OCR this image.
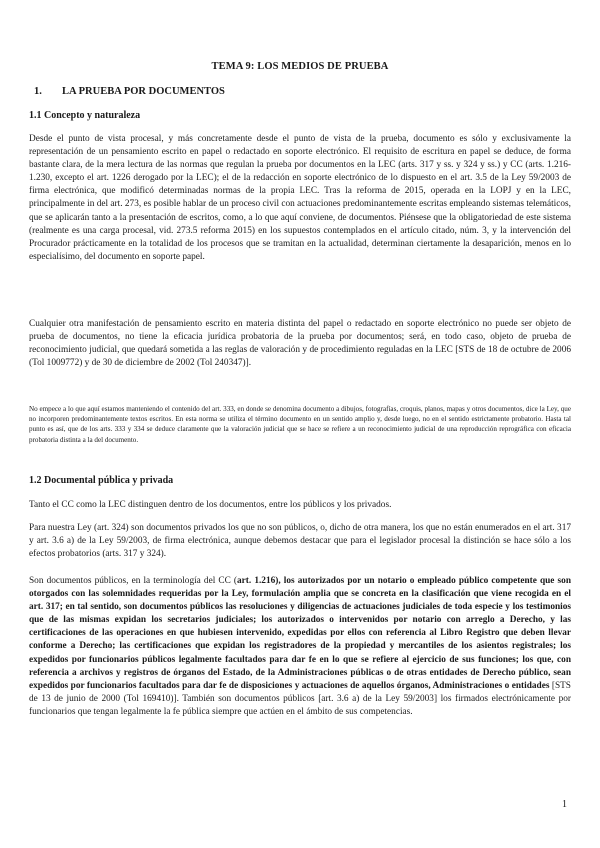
TEMA 9: LOS MEDIOS DE PRUEBA
1. LA PRUEBA POR DOCUMENTOS
1.1 Concepto y naturaleza

Desde el punto de vista procesal, y más concretamente desde el punto de vista de la prueba, documento es sólo y exclusivamente la representación de un pensamiento escrito en papel o redactado en soporte electrónico. El requisito de escritura en papel se deduce, de forma bastante clara, de la mera lectura de las normas que regulan la prueba por documentos en la LEC (arts. 317 y ss. y 324 y ss.) y CC (arts. 1.216-1.230, excepto el art. 1226 derogado por la LEC); el de la redacción en soporte electrónico de lo dispuesto en el art. 3.5 de la Ley 59/2003 de firma electrónica, que modificó determinadas normas de la propia LEC. Tras la reforma de 2015, operada en la LOPJ y en la LEC, principalmente in del art. 273, es posible hablar de un proceso civil con actuaciones predominantemente escritas empleando sistemas telemáticos, que se aplicarán tanto a la presentación de escritos, como, a lo que aquí conviene, de documentos. Piénsese que la obligatoriedad de este sistema (realmente es una carga procesal, vid. 273.5 reforma 2015) en los supuestos contemplados en el artículo citado, núm. 3, y la intervención del Procurador prácticamente en la totalidad de los procesos que se tramitan en la actualidad, determinan ciertamente la desaparición, menos en lo especialísimo, del documento en soporte papel.

Cualquier otra manifestación de pensamiento escrito en materia distinta del papel o redactado en soporte electrónico no puede ser objeto de prueba de documentos, no tiene la eficacia jurídica probatoria de la prueba por documentos; será, en todo caso, objeto de prueba de reconocimiento judicial, que quedará sometida a las reglas de valoración y de procedimiento reguladas en la LEC [STS de 18 de octubre de 2006 (Tol 1009772) y de 30 de diciembre de 2002 (Tol 240347)].

No empece a lo que aquí estamos manteniendo el contenido del art. 333, en donde se denomina documento a dibujos, fotografías, croquis, planos, mapas y otros documentos, dice la Ley, que no incorporen predominantemente textos escritos. En esta norma se utiliza el término documento en un sentido amplio y, desde luego, no en el sentido estrictamente probatorio. Hasta tal punto es así, que de los arts. 333 y 334 se deduce claramente que la valoración judicial que se hace se refiere a un reconocimiento judicial de una reproducción reprográfica con eficacia probatoria distinta a la del documento.

1.2 Documental pública y privada

Tanto el CC como la LEC distinguen dentro de los documentos, entre los públicos y los privados.

Para nuestra Ley (art. 324) son documentos privados los que no son públicos, o, dicho de otra manera, los que no están enumerados en el art. 317 y art. 3.6 a) de la Ley 59/2003, de firma electrónica, aunque debemos destacar que para el legislador procesal la distinción se hace sólo a los efectos probatorios (arts. 317 y 324).

Son documentos públicos, en la terminología del CC (art. 1.216), los autorizados por un notario o empleado público competente que son otorgados con las solemnidades requeridas por la Ley, formulación amplia que se concreta en la clasificación que viene recogida en el art. 317; en tal sentido, son documentos públicos las resoluciones y diligencias de actuaciones judiciales de toda especie y los testimonios que de las mismas expidan los secretarios judiciales; los autorizados o intervenidos por notario con arreglo a Derecho, y las certificaciones de las operaciones en que hubiesen intervenido, expedidas por ellos con referencia al Libro Registro que deben llevar conforme a Derecho; las certificaciones que expidan los registradores de la propiedad y mercantiles de los asientos registrales; los expedidos por funcionarios públicos legalmente facultados para dar fe en lo que se refiere al ejercicio de sus funciones; los que, con referencia a archivos y registros de órganos del Estado, de la Administraciones públicas o de otras entidades de Derecho público, sean expedidos por funcionarios facultados para dar fe de disposiciones y actuaciones de aquellos órganos, Administraciones o entidades [STS de 13 de junio de 2000 (Tol 169410)]. También son documentos públicos [art. 3.6 a) de la Ley 59/2003] los firmados electrónicamente por funcionarios que tengan legalmente la fe pública siempre que actúen en el ámbito de sus competencias.

1
